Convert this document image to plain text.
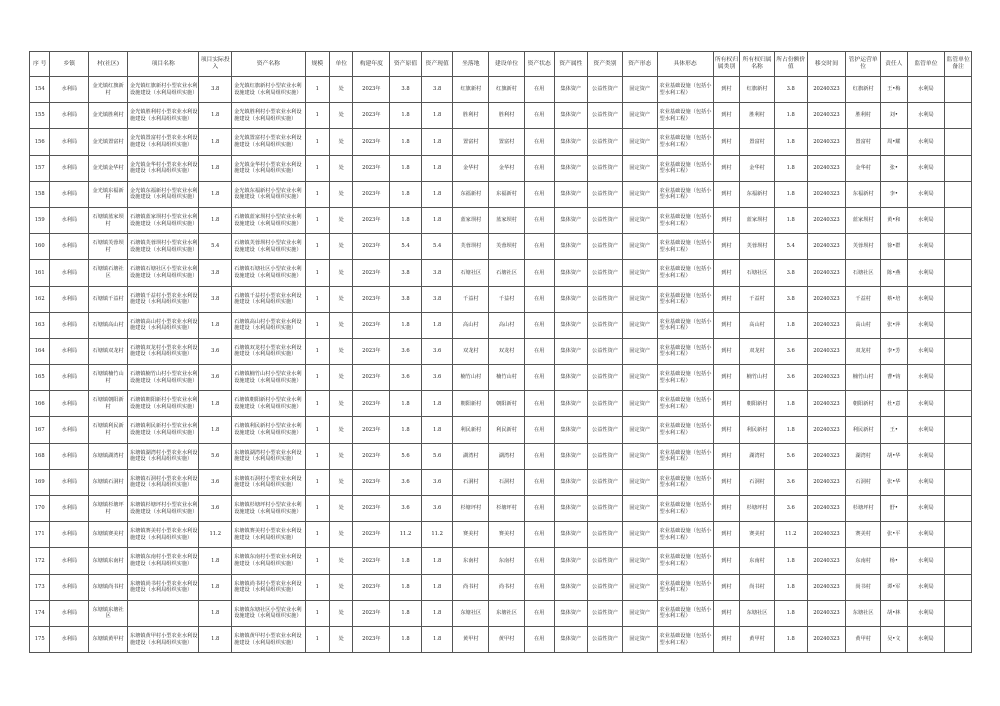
序 号	乡镇	村(社区)	项目名称	项目实际投入	资产名称	规模	单位	构建年度	资产原值	资产现值	坐落地	建设单位	资产状态	资产属性	资产类别	资产形态	具体形态	所有权归属类别	所有权归属名称	所占份额价值	移交时间	管护运营单位	责任人	监管单位	监管单位备注
154	水利局	金光镇红旗新村	金光镇红旗新村小型农业水利设施建设（水利局组织实施）	3.8	金光镇红旗新村小型农业水利设施建设（水利局组织实施）	1	处	2023年	3.8	3.8	红旗新村	红旗新村	在用	集体资产	公益性资产	固定资产	农业基础设施（包括小型水利工程）	到村	红旗新村	3.8	20240323	红旗新村	王•梅	水利局	
155	水利局	金光镇胜利村	金光镇胜利村小型农业水利设施建设（水利局组织实施）	1.8	金光镇胜利村小型农业水利设施建设（水利局组织实施）	1	处	2023年	1.8	1.8	胜利村	胜利村	在用	集体资产	公益性资产	固定资产	农业基础设施（包括小型水利工程）	到村	胜利村	1.8	20240323	胜利村	刘•	水利局	
156	水利局	金光镇置富村	金光镇置富村小型农业水利设施建设（水利局组织实施）	1.8	金光镇置富村小型农业水利设施建设（水利局组织实施）	1	处	2023年	1.8	1.8	置富村	置富村	在用	集体资产	公益性资产	固定资产	农业基础设施（包括小型水利工程）	到村	置富村	1.8	20240323	置富村	周•耀	水利局	
157	水利局	金光镇金华村	金光镇金华村小型农业水利设施建设（水利局组织实施）	1.8	金光镇金华村小型农业水利设施建设（水利局组织实施）	1	处	2023年	1.8	1.8	金华村	金华村	在用	集体资产	公益性资产	固定资产	农业基础设施（包括小型水利工程）	到村	金华村	1.8	20240323	金华村	张•	水利局	
158	水利局	金光镇东福新村	金光镇东福新村小型农业水利设施建设（水利局组织实施）	1.8	金光镇东福新村小型农业水利设施建设（水利局组织实施）	1	处	2023年	1.8	1.8	东福新村	东福新村	在用	集体资产	公益性资产	固定资产	农业基础设施（包括小型水利工程）	到村	东福新村	1.8	20240323	东福新村	李•	水利局	
159	水利局	石塘镇蓝家坝村	石塘镇蓝家坝村小型农业水利设施建设（水利局组织实施）	1.8	石塘镇蓝家坝村小型农业水利设施建设（水利局组织实施）	1	处	2023年	1.8	1.8	蓝家坝村	蓝家坝村	在用	集体资产	公益性资产	固定资产	农业基础设施（包括小型水利工程）	到村	蓝家坝村	1.8	20240323	蓝家坝村	黄•和	水利局	
160	水利局	石塘镇芙蓉坝村	石塘镇芙蓉坝村小型农业水利设施建设（水利局组织实施）	5.4	石塘镇芙蓉坝村小型农业水利设施建设（水利局组织实施）	1	处	2023年	5.4	5.4	芙蓉坝村	芙蓉坝村	在用	集体资产	公益性资产	固定资产	农业基础设施（包括小型水利工程）	到村	芙蓉坝村	5.4	20240323	芙蓉坝村	徐•群	水利局	
161	水利局	石塘镇石塘社区	石塘镇石塘社区小型农业水利设施建设（水利局组织实施）	3.8	石塘镇石塘社区小型农业水利设施建设（水利局组织实施）	1	处	2023年	3.8	3.8	石塘社区	石塘社区	在用	集体资产	公益性资产	固定资产	农业基础设施（包括小型水利工程）	到村	石塘社区	3.8	20240323	石塘社区	陈•燕	水利局	
162	水利局	石塘镇千益村	石塘镇千益村小型农业水利设施建设（水利局组织实施）	3.8	石塘镇千益村小型农业水利设施建设（水利局组织实施）	1	处	2023年	3.8	3.8	千益村	千益村	在用	集体资产	公益性资产	固定资产	农业基础设施（包括小型水利工程）	到村	千益村	3.8	20240323	千益村	蔡•培	水利局	
163	水利局	石塘镇高山村	石塘镇高山村小型农业水利设施建设（水利局组织实施）	1.8	石塘镇高山村小型农业水利设施建设（水利局组织实施）	1	处	2023年	1.8	1.8	高山村	高山村	在用	集体资产	公益性资产	固定资产	农业基础设施（包括小型水利工程）	到村	高山村	1.8	20240323	高山村	张•萍	水利局	
164	水利局	石塘镇双龙村	石塘镇双龙村小型农业水利设施建设（水利局组织实施）	3.6	石塘镇双龙村小型农业水利设施建设（水利局组织实施）	1	处	2023年	3.6	3.6	双龙村	双龙村	在用	集体资产	公益性资产	固定资产	农业基础设施（包括小型水利工程）	到村	双龙村	3.6	20240323	双龙村	李•芳	水利局	
165	水利局	石塘镇楠竹山村	石塘镇楠竹山村小型农业水利设施建设（水利局组织实施）	3.6	石塘镇楠竹山村小型农业水利设施建设（水利局组织实施）	1	处	2023年	3.6	3.6	楠竹山村	楠竹山村	在用	集体资产	公益性资产	固定资产	农业基础设施（包括小型水利工程）	到村	楠竹山村	3.6	20240323	楠竹山村	曹•钧	水利局	
166	水利局	石塘镇朝阳新村	石塘镇朝阳新村小型农业水利设施建设（水利局组织实施）	1.8	石塘镇朝阳新村小型农业水利设施建设（水利局组织实施）	1	处	2023年	1.8	1.8	朝阳新村	朝阳新村	在用	集体资产	公益性资产	固定资产	农业基础设施（包括小型水利工程）	到村	朝阳新村	1.8	20240323	朝阳新村	杜•意	水利局	
167	水利局	石塘镇利民新村	石塘镇利民新村小型农业水利设施建设（水利局组织实施）	1.8	石塘镇利民新村小型农业水利设施建设（水利局组织实施）	1	处	2023年	1.8	1.8	利民新村	利民新村	在用	集体资产	公益性资产	固定资产	农业基础设施（包括小型水利工程）	到村	利民新村	1.8	20240323	利民新村	王•	水利局	
168	水利局	东塘镇湖湾村	东塘镇湖湾村小型农业水利设施建设（水利局组织实施）	5.6	东塘镇湖湾村小型农业水利设施建设（水利局组织实施）	1	处	2023年	5.6	5.6	湖湾村	湖湾村	在用	集体资产	公益性资产	固定资产	农业基础设施（包括小型水利工程）	到村	湖湾村	5.6	20240323	湖湾村	胡•华	水利局	
169	水利局	东塘镇石洞村	东塘镇石洞村小型农业水利设施建设（水利局组织实施）	3.6	东塘镇石洞村小型农业水利设施建设（水利局组织实施）	1	处	2023年	3.6	3.6	石洞村	石洞村	在用	集体资产	公益性资产	固定资产	农业基础设施（包括小型水利工程）	到村	石洞村	3.6	20240323	石洞村	张•华	水利局	
170	水利局	东塘镇杉塘坪村	东塘镇杉塘坪村小型农业水利设施建设（水利局组织实施）	3.6	东塘镇杉塘坪村小型农业水利设施建设（水利局组织实施）	1	处	2023年	3.6	3.6	杉塘坪村	杉塘坪村	在用	集体资产	公益性资产	固定资产	农业基础设施（包括小型水利工程）	到村	杉塘坪村	3.6	20240323	杉塘坪村	舒•	水利局	
171	水利局	东塘镇赛美村	东塘镇赛美村小型农业水利设施建设（水利局组织实施）	11.2	东塘镇赛美村小型农业水利设施建设（水利局组织实施）	1	处	2023年	11.2	11.2	赛美村	赛美村	在用	集体资产	公益性资产	固定资产	农业基础设施（包括小型水利工程）	到村	赛美村	11.2	20240323	赛美村	张•平	水利局	
172	水利局	东塘镇东南村	东塘镇东南村小型农业水利设施建设（水利局组织实施）	1.8	东塘镇东南村小型农业水利设施建设（水利局组织实施）	1	处	2023年	1.8	1.8	东南村	东南村	在用	集体资产	公益性资产	固定资产	农业基础设施（包括小型水利工程）	到村	东南村	1.8	20240323	东南村	杨•	水利局	
173	水利局	东塘镇尚书村	东塘镇尚书村小型农业水利设施建设（水利局组织实施）	1.8	东塘镇尚书村小型农业水利设施建设（水利局组织实施）	1	处	2023年	1.8	1.8	尚书村	尚书村	在用	集体资产	公益性资产	固定资产	农业基础设施（包括小型水利工程）	到村	尚书村	1.8	20240323	尚书村	谭•军	水利局	
174	水利局	东塘镇东塘社区		1.8	东塘镇东塘社区小型农业水利设施建设（水利局组织实施）	1	处	2023年	1.8	1.8	东塘社区	东塘社区	在用	集体资产	公益性资产	固定资产	农业基础设施（包括小型水利工程）	到村	东塘社区	1.8	20240323	东塘社区	胡•林	水利局	
175	水利局	东塘镇黄甲村	东塘镇黄甲村小型农业水利设施建设（水利局组织实施）	1.8	东塘镇黄甲村小型农业水利设施建设（水利局组织实施）	1	处	2023年	1.8	1.8	黄甲村	黄甲村	在用	集体资产	公益性资产	固定资产	农业基础设施（包括小型水利工程）	到村	黄甲村	1.8	20240323	黄甲村	吴•文	水利局	
